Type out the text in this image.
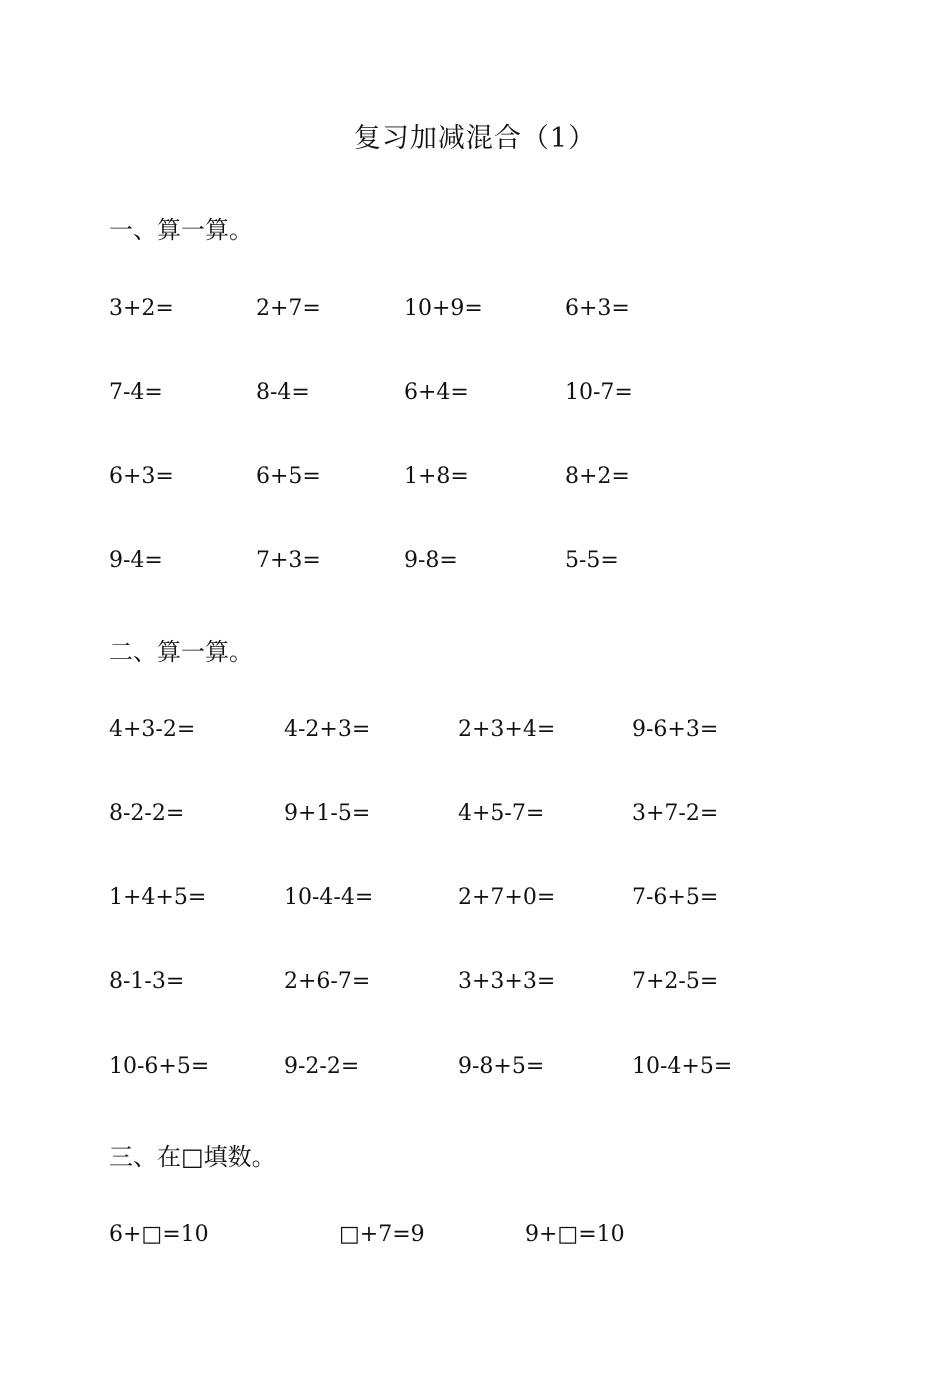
复习加减混合（1）
一、算一算。
3+2=	2+7=	10+9=	6+3=
7-4=	8-4=	6+4=	10-7=
6+3=	6+5=	1+8=	8+2=
9-4=	7+3=	9-8=	5-5=
二、算一算。
4+3-2=	4-2+3=	2+3+4=	9-6+3=
8-2-2=	9+1-5=	4+5-7=	3+7-2=
1+4+5=	10-4-4=	2+7+0=	7-6+5=
8-1-3=	2+6-7=	3+3+3=	7+2-5=
10-6+5=	9-2-2=	9-8+5=	10-4+5=
三、在□填数。
6+□=10	□+7=9	9+□=10
